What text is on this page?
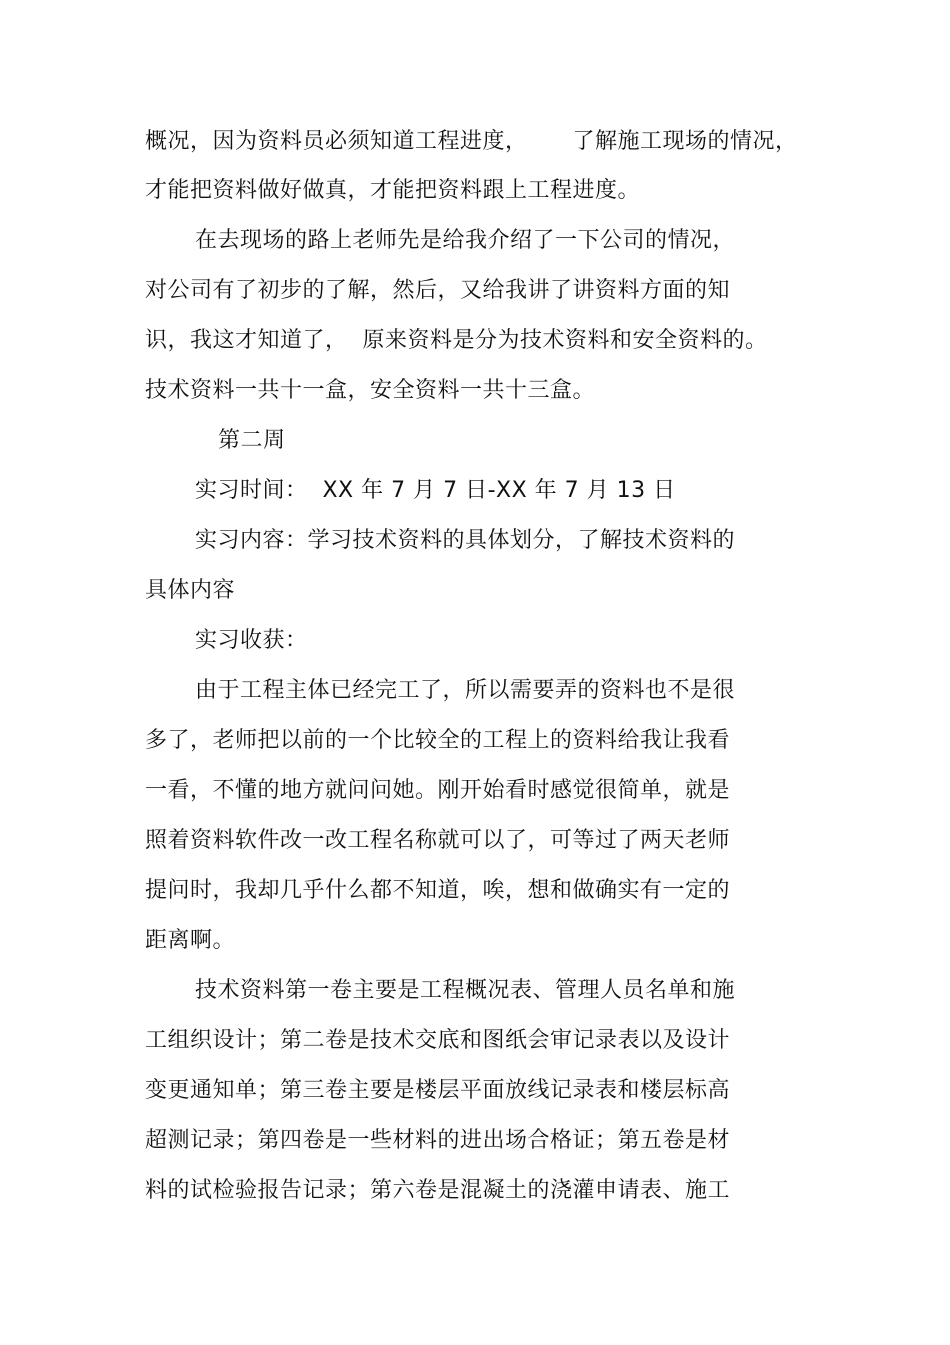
概况，因为资料员必须知道工程进度，      了解施工现场的情况，
才能把资料做好做真，才能把资料跟上工程进度。
在去现场的路上老师先是给我介绍了一下公司的情况，
对公司有了初步的了解，然后，又给我讲了讲资料方面的知
识，我这才知道了，  原来资料是分为技术资料和安全资料的。
技术资料一共十一盒，安全资料一共十三盒。
第二周
实习时间：  XX 年 7 月 7 日-XX 年 7 月 13 日
实习内容：学习技术资料的具体划分，了解技术资料的
具体内容
实习收获：
由于工程主体已经完工了，所以需要弄的资料也不是很
多了，老师把以前的一个比较全的工程上的资料给我让我看
一看，不懂的地方就问问她。刚开始看时感觉很简单，就是
照着资料软件改一改工程名称就可以了，可等过了两天老师
提问时，我却几乎什么都不知道，唉，想和做确实有一定的
距离啊。
技术资料第一卷主要是工程概况表、管理人员名单和施
工组织设计；第二卷是技术交底和图纸会审记录表以及设计
变更通知单；第三卷主要是楼层平面放线记录表和楼层标高
超测记录；第四卷是一些材料的进出场合格证；第五卷是材
料的试检验报告记录；第六卷是混凝土的浇灌申请表、施工
